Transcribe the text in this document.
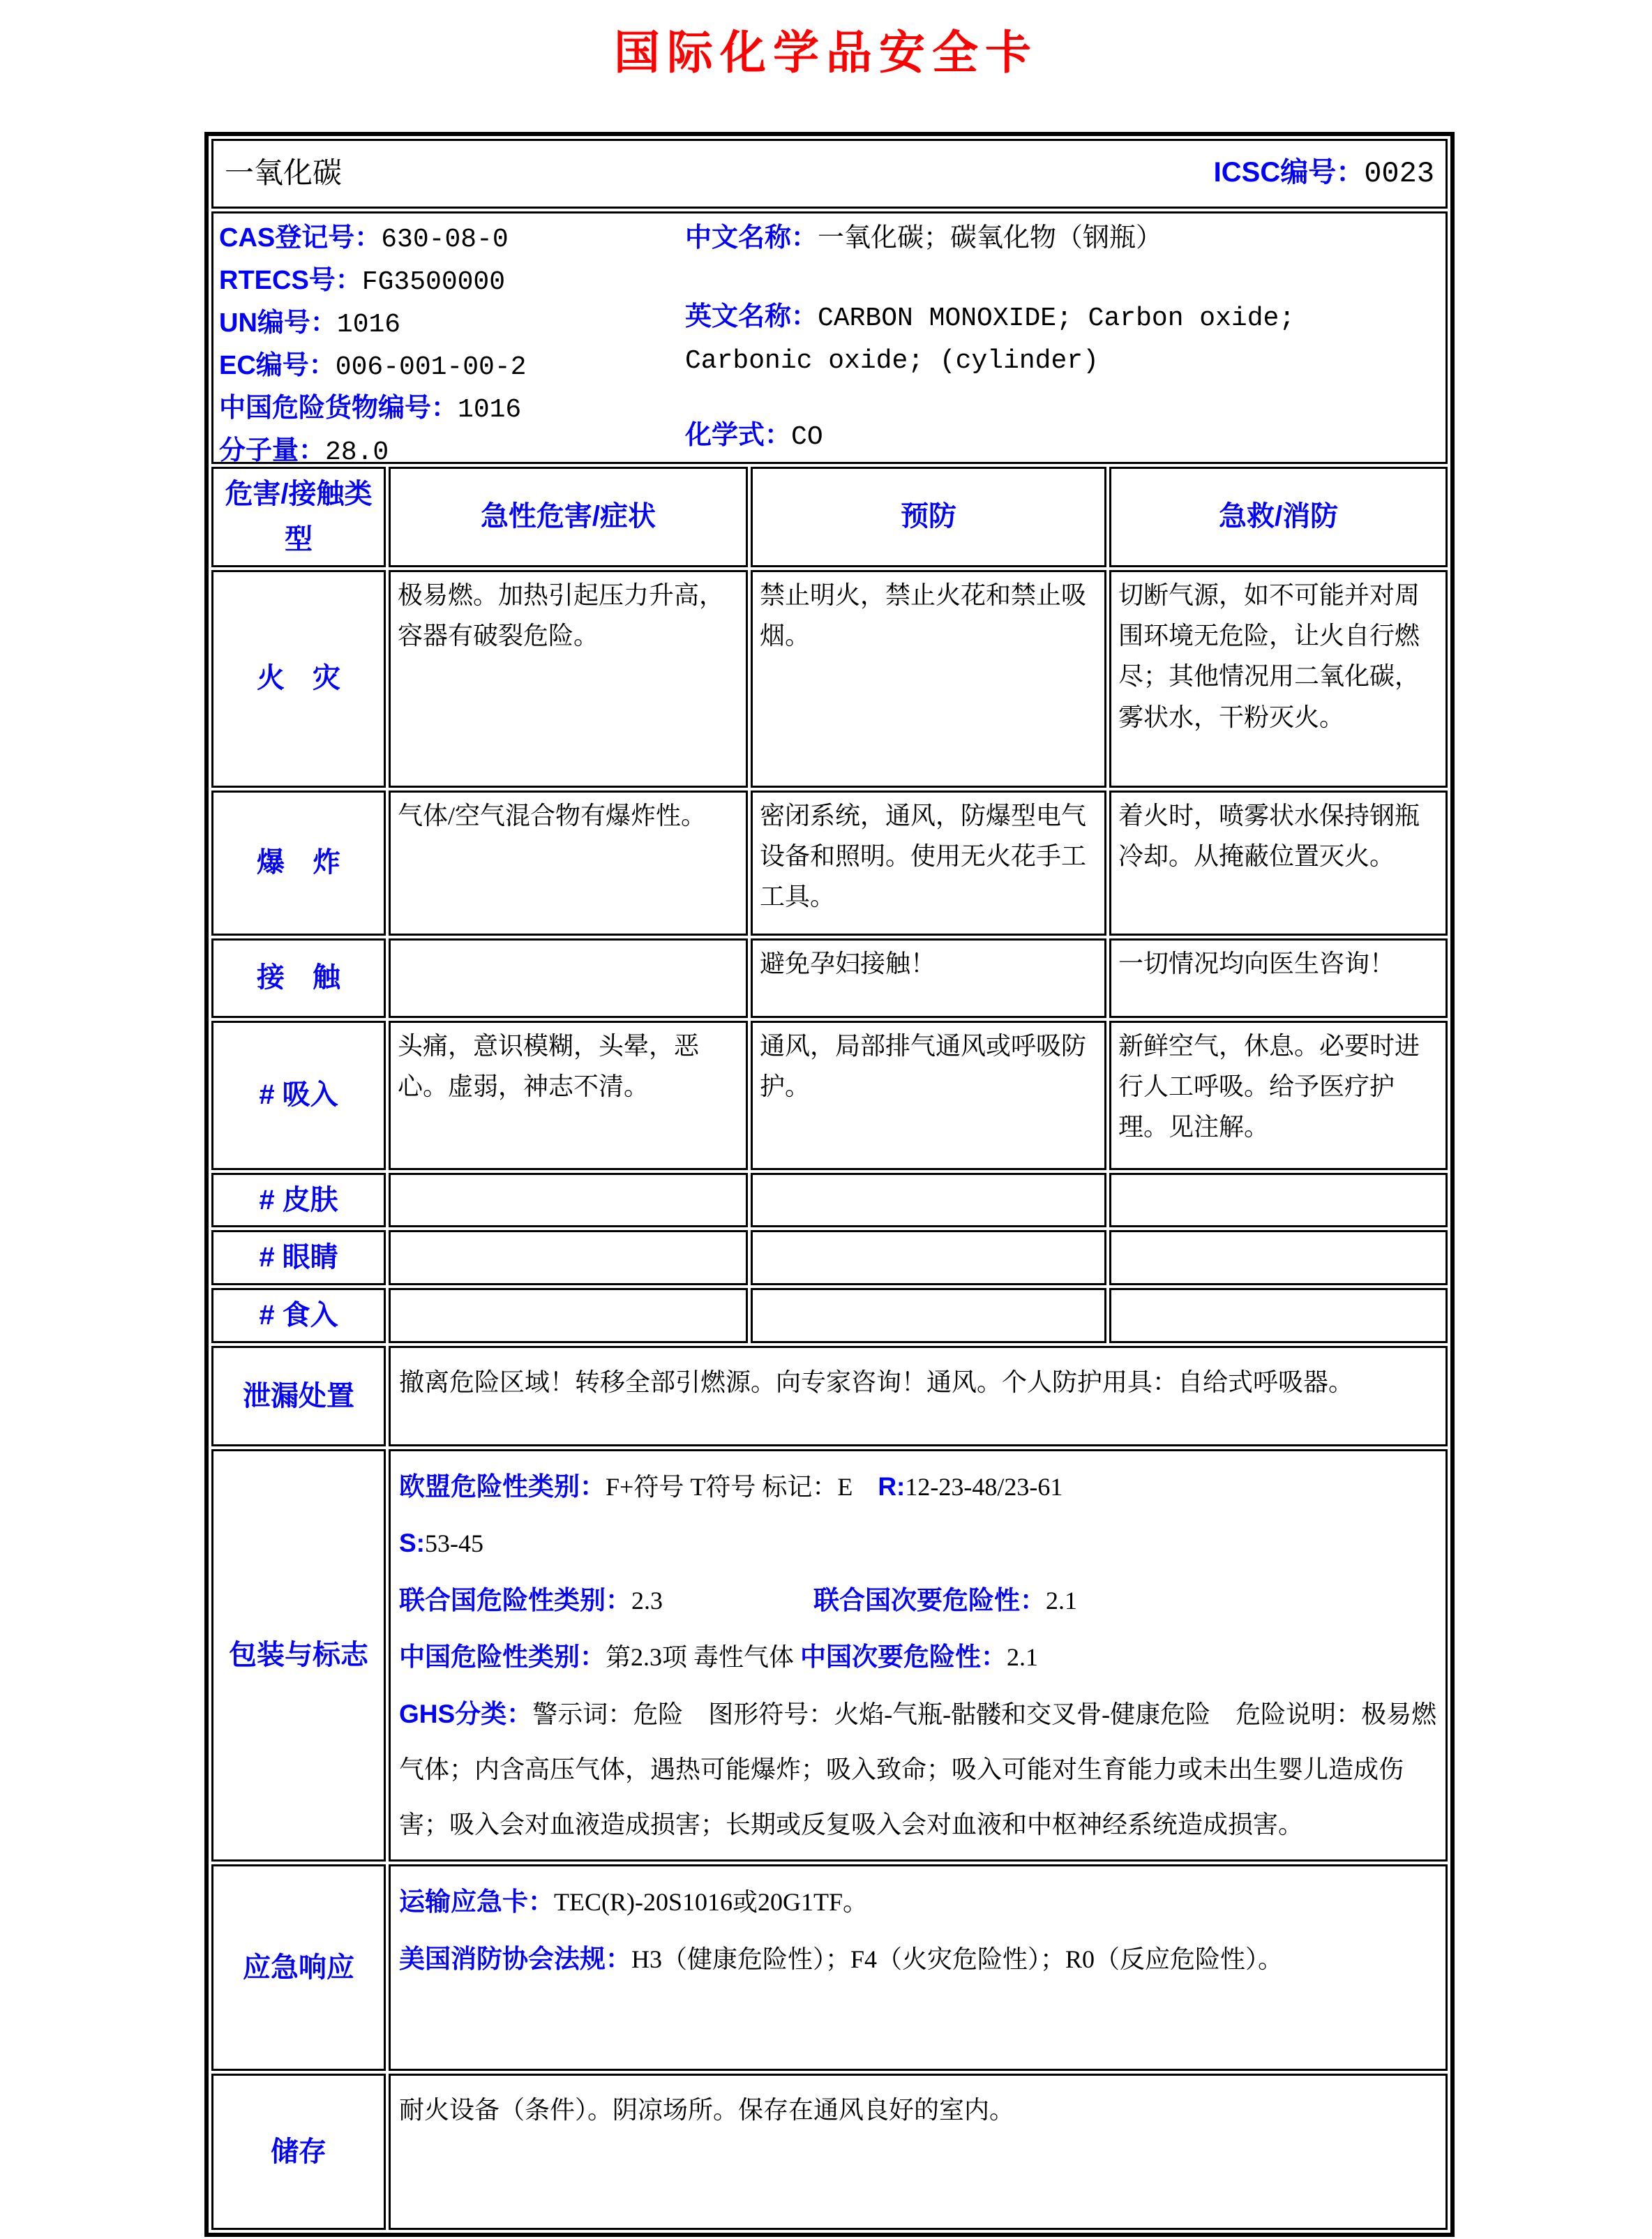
国际化学品安全卡
一氧化碳 ICSC编号：0023			

CAS登记号：630-08-0
RTECS号：FG3500000
UN编号：1016
EC编号：006-001-00-2
中国危险货物编号：1016
分子量：28.0
中文名称：一氧化碳；碳氧化物（钢瓶）
英文名称：CARBON MONOXIDE; Carbon oxide; Carbonic oxide; (cylinder)
化学式：CO

危害/接触类型	急性危害/症状	预防	急救/消防
火　灾	极易燃。加热引起压力升高，容器有破裂危险。	禁止明火，禁止火花和禁止吸烟。	切断气源，如不可能并对周围环境无危险，让火自行燃尽；其他情况用二氧化碳，雾状水，干粉灭火。
爆　炸	气体/空气混合物有爆炸性。	密闭系统，通风，防爆型电气设备和照明。使用无火花手工工具。	着火时，喷雾状水保持钢瓶冷却。从掩蔽位置灭火。
接　触		避免孕妇接触！	一切情况均向医生咨询！
# 吸入	头痛，意识模糊，头晕，恶心。虚弱，神志不清。	通风，局部排气通风或呼吸防护。	新鲜空气，休息。必要时进行人工呼吸。给予医疗护理。见注解。
# 皮肤			
# 眼睛			
# 食入			
泄漏处置	撤离危险区域！转移全部引燃源。向专家咨询！通风。个人防护用具：自给式呼吸器。		
包装与标志	欧盟危险性类别：F+符号 T符号 标记：E　R:12-23-48/23-61
S:53-45
联合国危险性类别：2.3　　　　　　联合国次要危险性：2.1
中国危险性类别：第2.3项 毒性气体 中国次要危险性：2.1
GHS分类：警示词：危险　图形符号：火焰-气瓶-骷髅和交叉骨-健康危险　危险说明：极易燃气体；内含高压气体，遇热可能爆炸；吸入致命；吸入可能对生育能力或未出生婴儿造成伤害；吸入会对血液造成损害；长期或反复吸入会对血液和中枢神经系统造成损害。		

应急响应	运输应急卡：TEC(R)-20S1016或20G1TF。
美国消防协会法规：H3（健康危险性）；F4（火灾危险性）；R0（反应危险性）。		

储存	耐火设备（条件）。阴凉场所。保存在通风良好的室内。		
